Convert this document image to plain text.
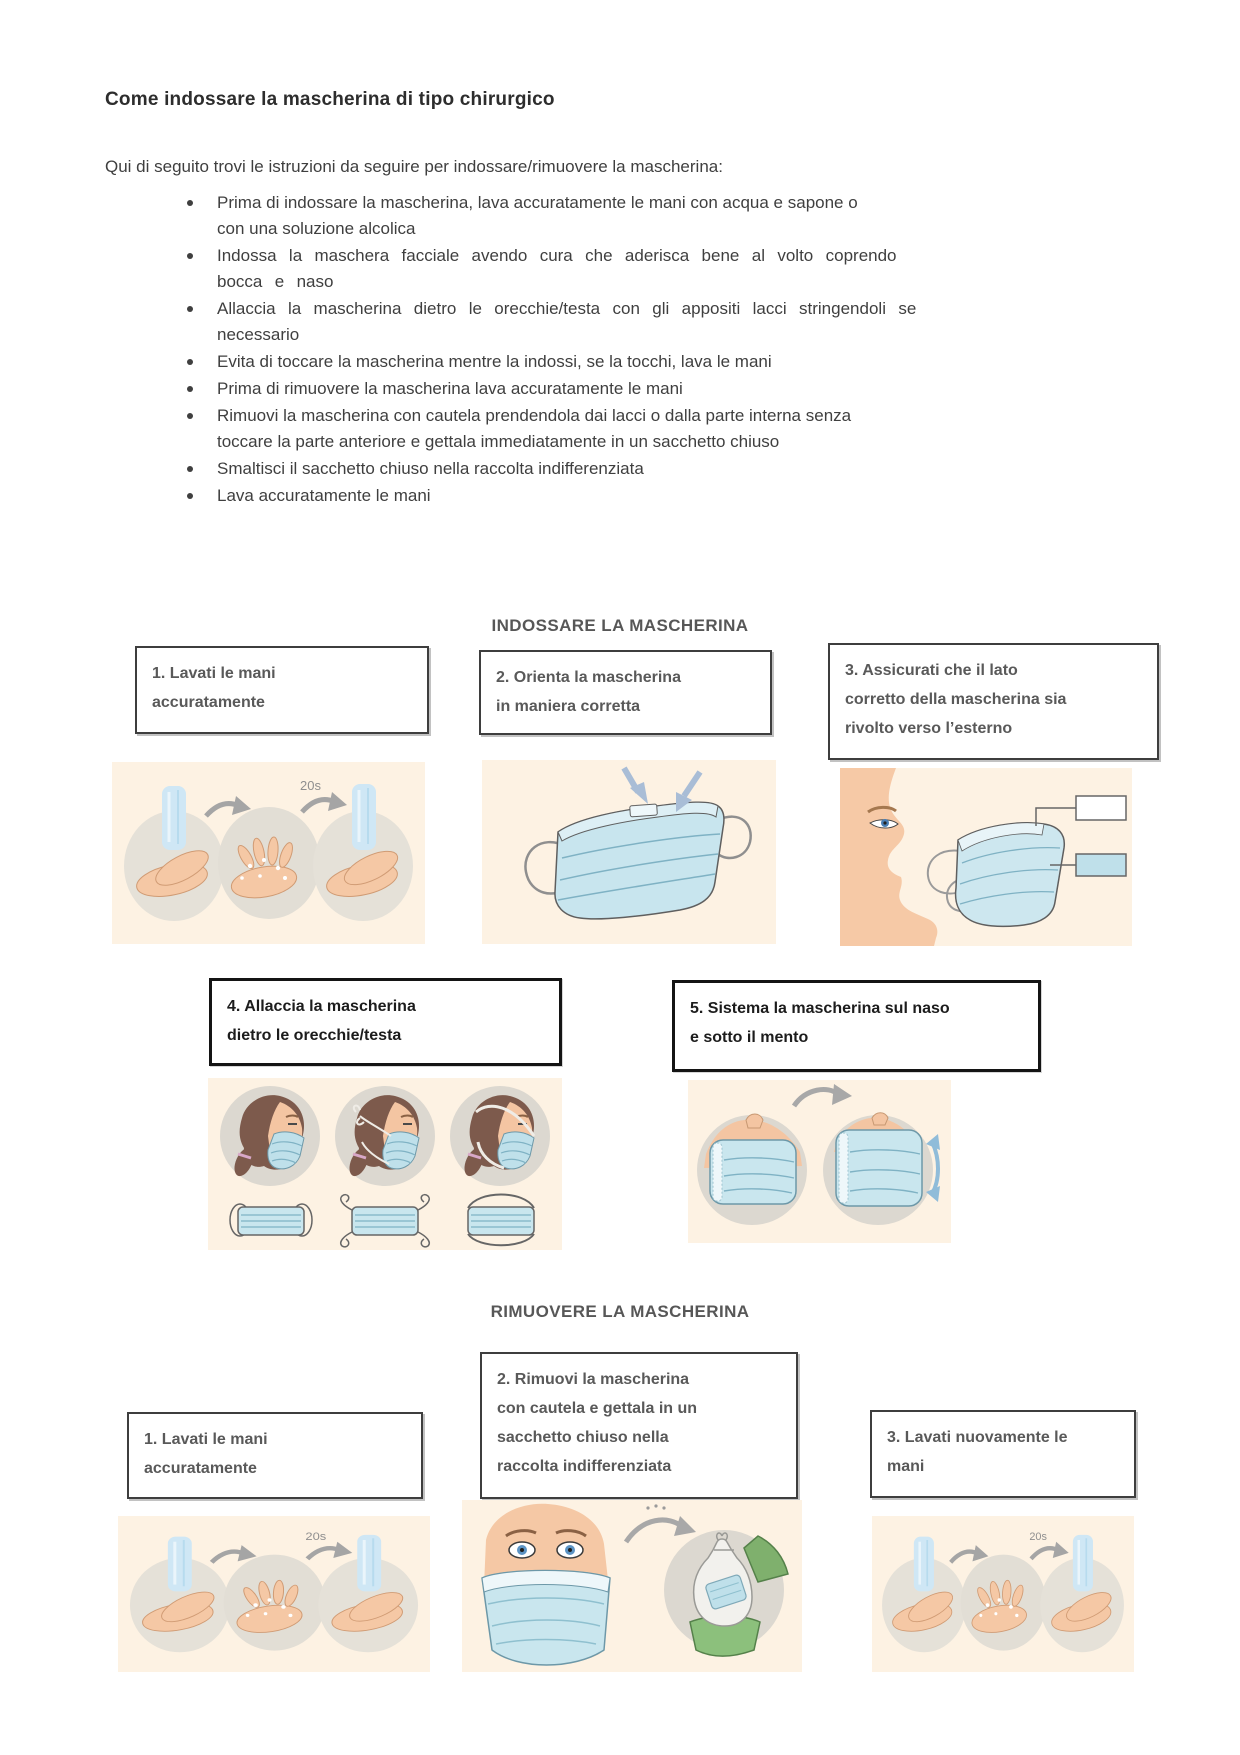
Come indossare la mascherina di tipo chirurgico

Qui di seguito trovi le istruzioni da seguire per indossare/rimuovere la mascherina:

Prima di indossare la mascherina, lava accuratamente le mani con acqua e sapone o
con una soluzione alcolica
Indossa la maschera facciale avendo cura che aderisca bene al volto coprendo
bocca e naso
Allaccia la mascherina dietro le orecchie/testa con gli appositi lacci stringendoli se
necessario
Evita di toccare la mascherina mentre la indossi, se la tocchi, lava le mani
Prima di rimuovere la mascherina lava accuratamente le mani
Rimuovi la mascherina con cautela prendendola dai lacci o dalla parte interna senza
toccare la parte anteriore e gettala immediatamente in un sacchetto chiuso
Smaltisci il sacchetto chiuso nella raccolta indifferenziata
Lava accuratamente le mani
INDOSSARE LA MASCHERINA
1. Lavati le mani
accuratamente
2. Orienta la mascherina
in maniera corretta
3. Assicurati che il lato
corretto della mascherina sia
rivolto verso l’esterno
4. Allaccia la mascherina
dietro le orecchie/testa
5. Sistema la mascherina sul naso
e sotto il mento
RIMUOVERE LA MASCHERINA
1. Lavati le mani
accuratamente
2. Rimuovi la mascherina
con cautela e gettala in un
sacchetto chiuso nella
raccolta indifferenziata
3. Lavati nuovamente le
mani
